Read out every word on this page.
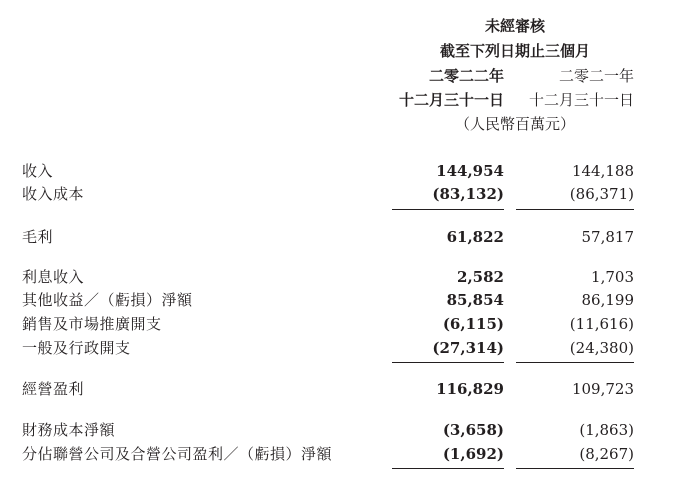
未經審核
截至下列日期止三個月
二零二二年	二零二一年
十二月三十一日	十二月三十一日
（人民幣百萬元）
收入	144,954	144,188
收入成本	(83,132)	(86,371)
毛利	61,822	57,817
利息收入	2,582	1,703
其他收益／（虧損）淨額	85,854	86,199
銷售及市場推廣開支	(6,115)	(11,616)
一般及行政開支	(27,314)	(24,380)
經營盈利	116,829	109,723
財務成本淨額	(3,658)	(1,863)
分佔聯營公司及合營公司盈利／（虧損）淨額	(1,692)	(8,267)
